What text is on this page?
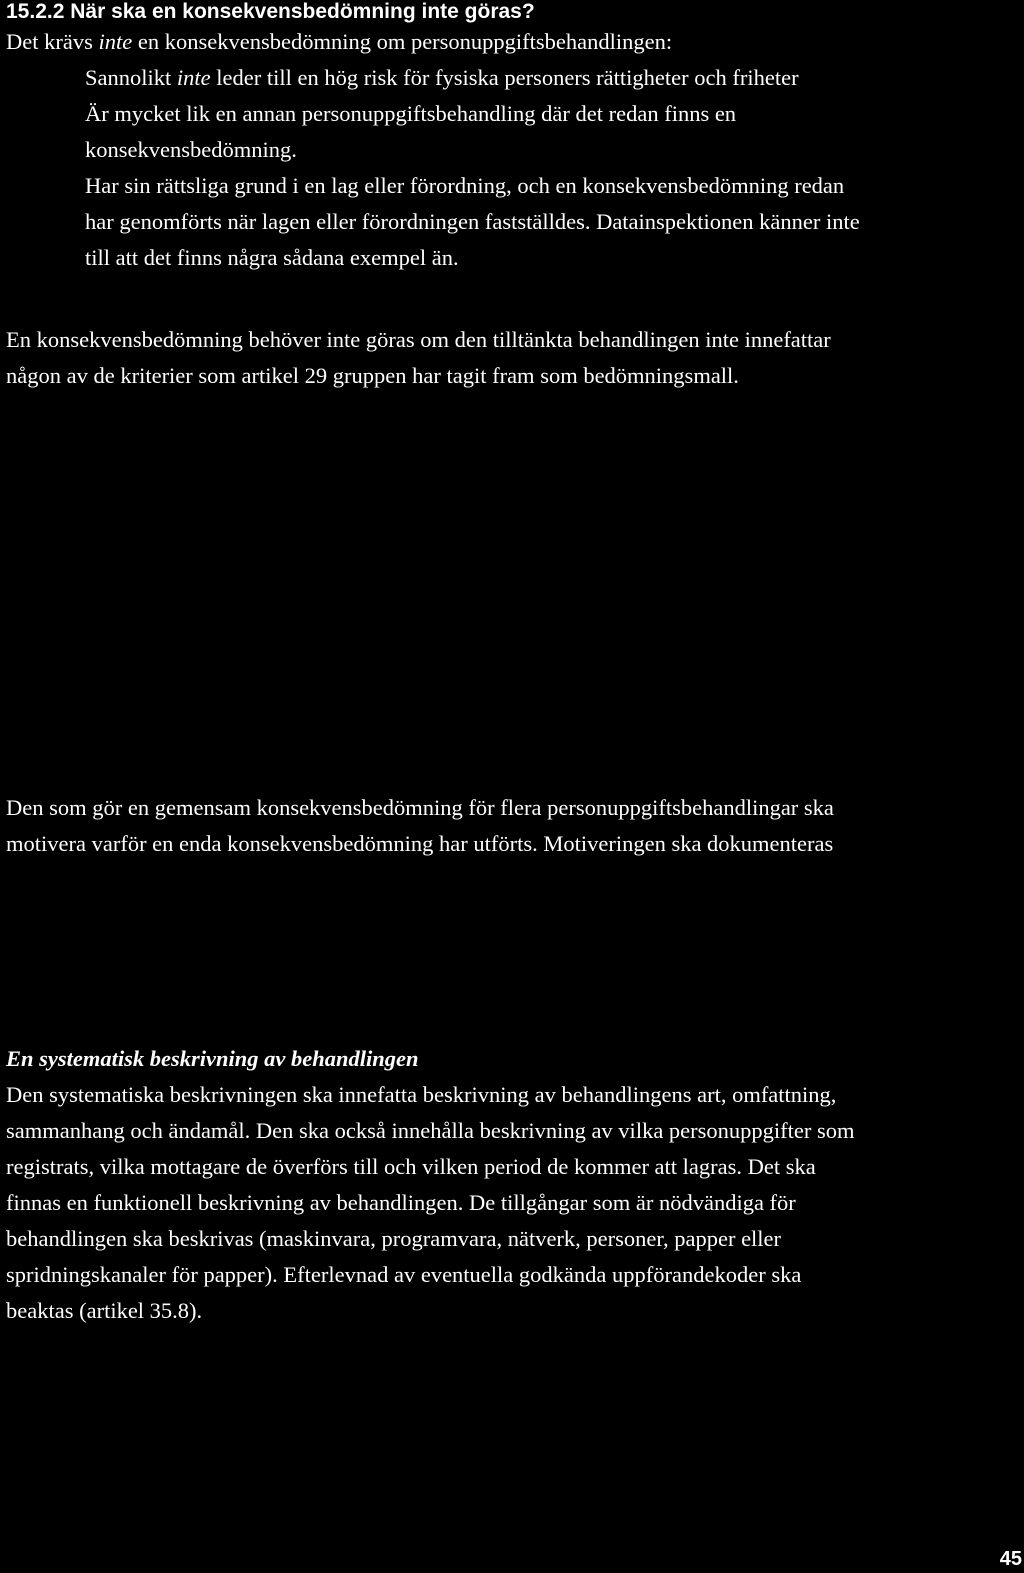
15.2.2 När ska en konsekvensbedömning inte göras?
Det krävs inte en konsekvensbedömning om personuppgiftsbehandlingen:
Sannolikt inte leder till en hög risk för fysiska personers rättigheter och friheter
Är mycket lik en annan personuppgiftsbehandling där det redan finns en
konsekvensbedömning.
Har sin rättsliga grund i en lag eller förordning, och en konsekvensbedömning redan
har genomförts när lagen eller förordningen fastställdes. Datainspektionen känner inte
till att det finns några sådana exempel än.
En konsekvensbedömning behöver inte göras om den tilltänkta behandlingen inte innefattar
någon av de kriterier som artikel 29 gruppen har tagit fram som bedömningsmall.
Den som gör en gemensam konsekvensbedömning för flera personuppgiftsbehandlingar ska
motivera varför en enda konsekvensbedömning har utförts. Motiveringen ska dokumenteras
En systematisk beskrivning av behandlingen
Den systematiska beskrivningen ska innefatta beskrivning av behandlingens art, omfattning,
sammanhang och ändamål. Den ska också innehålla beskrivning av vilka personuppgifter som
registrats, vilka mottagare de överförs till och vilken period de kommer att lagras. Det ska
finnas en funktionell beskrivning av behandlingen. De tillgångar som är nödvändiga för
behandlingen ska beskrivas (maskinvara, programvara, nätverk, personer, papper eller
spridningskanaler för papper). Efterlevnad av eventuella godkända uppförandekoder ska
beaktas (artikel 35.8).
45
